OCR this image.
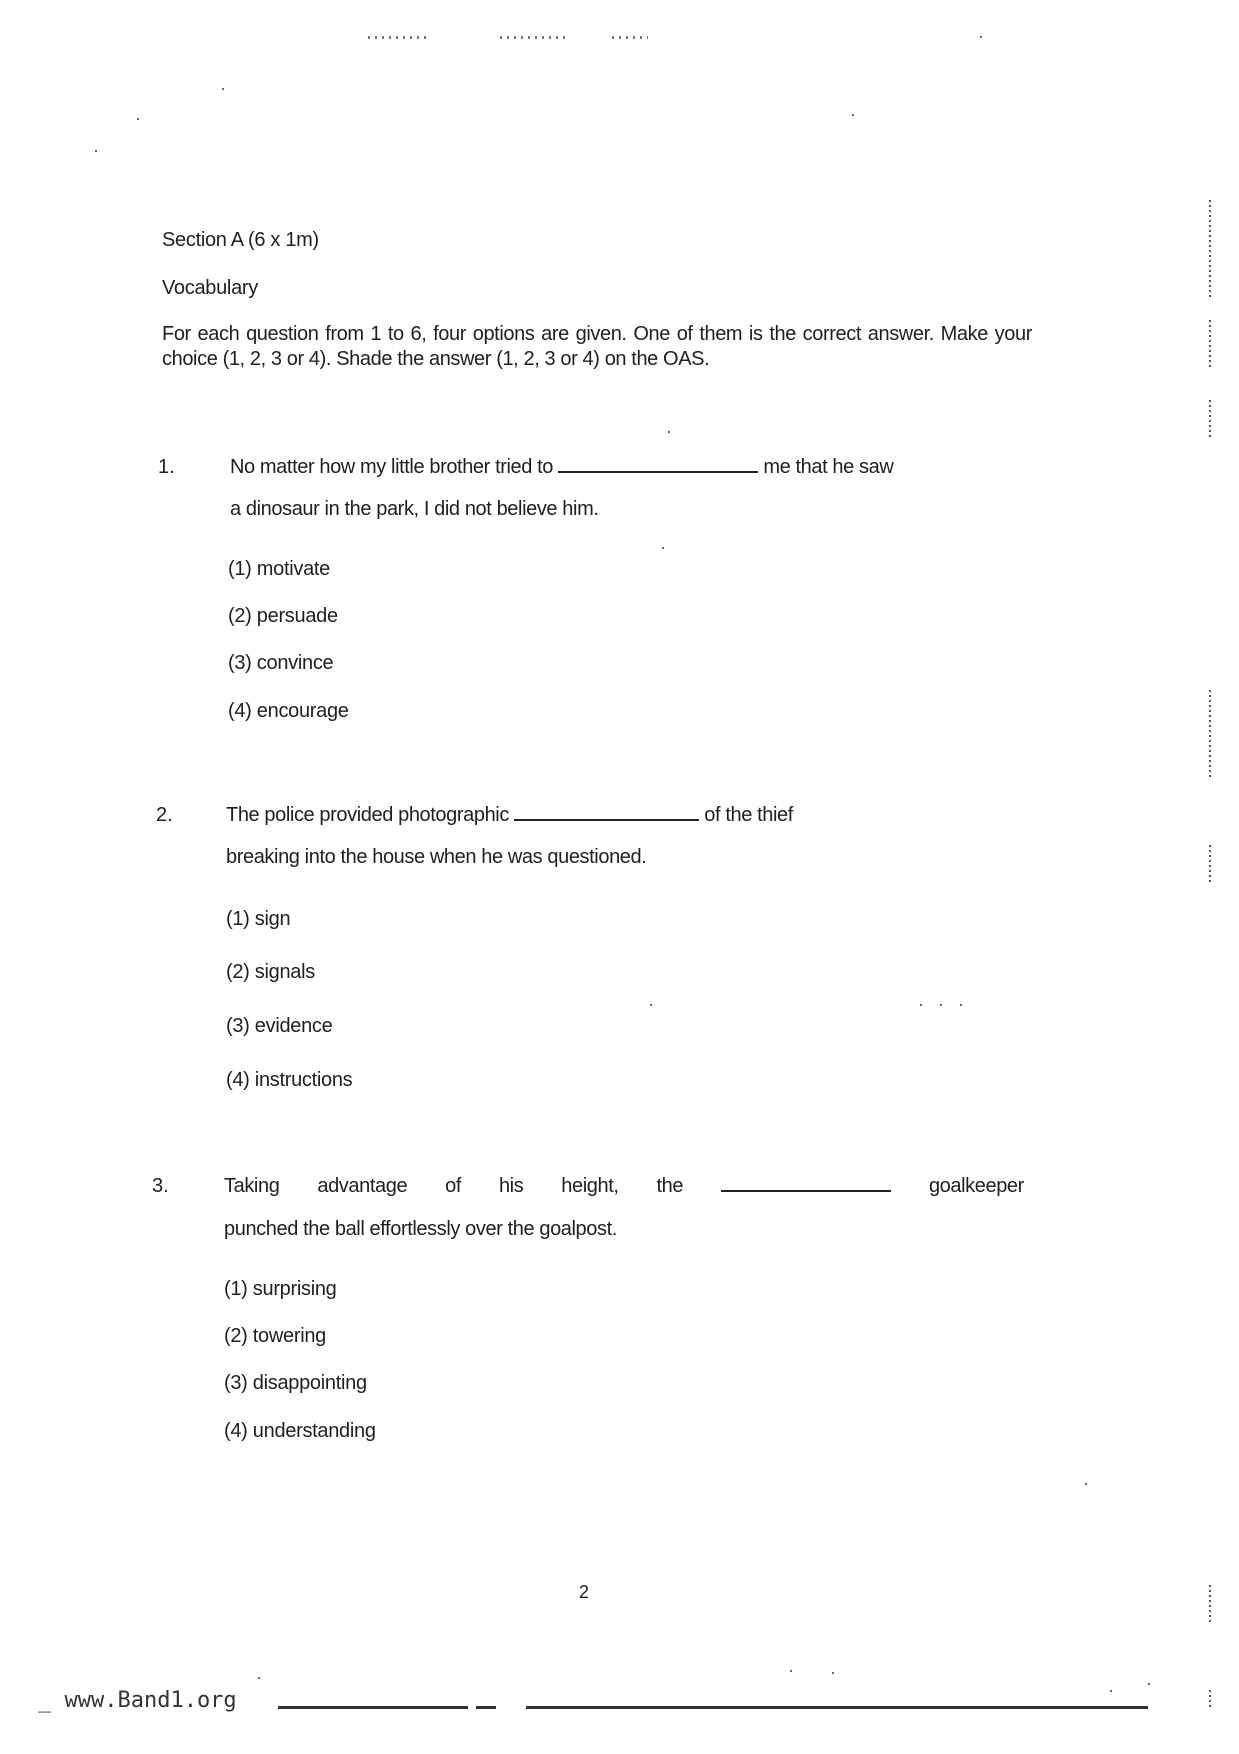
Section A (6 x 1m)
Vocabulary
For each question from 1 to 6, four options are given. One of them is the correct answer. Make your choice (1, 2, 3 or 4). Shade the answer (1, 2, 3 or 4) on the OAS.
1.	No matter how my little brother tried to	me that he saw
a dinosaur in the park, I did not believe him.
(1) motivate
(2) persuade
(3) convince
(4) encourage
2.	The police provided photographic	of the thief
breaking into the house when he was questioned.
(1) sign
(2) signals
(3) evidence
(4) instructions
3.	Taking advantage of his height, the	goalkeeper
punched the ball effortlessly over the goalpost.
(1) surprising
(2) towering
(3) disappointing
(4) understanding
2
_ www.Band1.org
